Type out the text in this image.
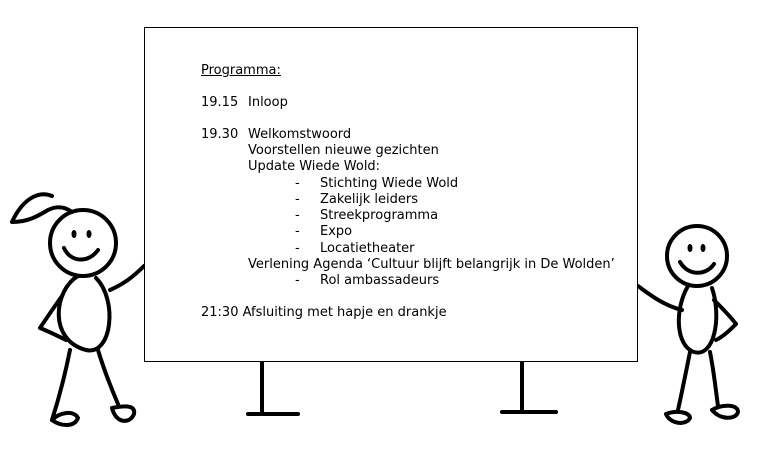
Programma:
19.15 Inloop
19.30 Welkomstwoord
Voorstellen nieuwe gezichten
Update Wiede Wold:
- Stichting Wiede Wold
- Zakelijk leiders
- Streekprogramma
- Expo
- Locatietheater
Verlening Agenda ‘Cultuur blijft belangrijk in De Wolden’
- Rol ambassadeurs
21:30 Afsluiting met hapje en drankje
